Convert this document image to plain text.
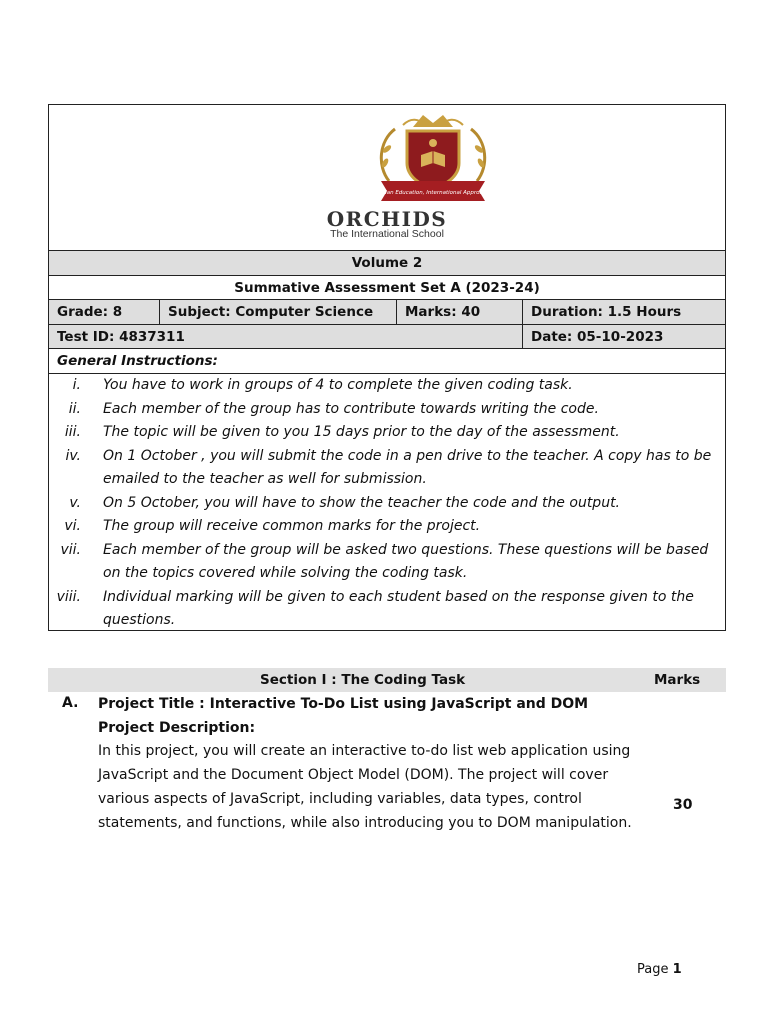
Indian Education, International Approach
ORCHIDS
The International School
Volume 2
Summative Assessment Set A (2023-24)
Grade: 8	Subject: Computer Science	Marks: 40	Duration: 1.5 Hours
Test ID: 4837311	Date: 05-10-2023
General Instructions:
i. You have to work in groups of 4 to complete the given coding task.
ii. Each member of the group has to contribute towards writing the code.
iii. The topic will be given to you 15 days prior to the day of the assessment.
iv. On 1 October , you will submit the code in a pen drive to the teacher. A copy has to be emailed to the teacher as well for submission.
v. On 5 October, you will have to show the teacher the code and the output.
vi. The group will receive common marks for the project.
vii. Each member of the group will be asked two questions. These questions will be based on the topics covered while solving the coding task.
viii. Individual marking will be given to each student based on the response given to the questions.
Section I : The Coding Task	Marks
A. Project Title : Interactive To-Do List using JavaScript and DOM
Project Description:
In this project, you will create an interactive to-do list web application using JavaScript and the Document Object Model (DOM). The project will cover various aspects of JavaScript, including variables, data types, control statements, and functions, while also introducing you to DOM manipulation.
30
Page 1
